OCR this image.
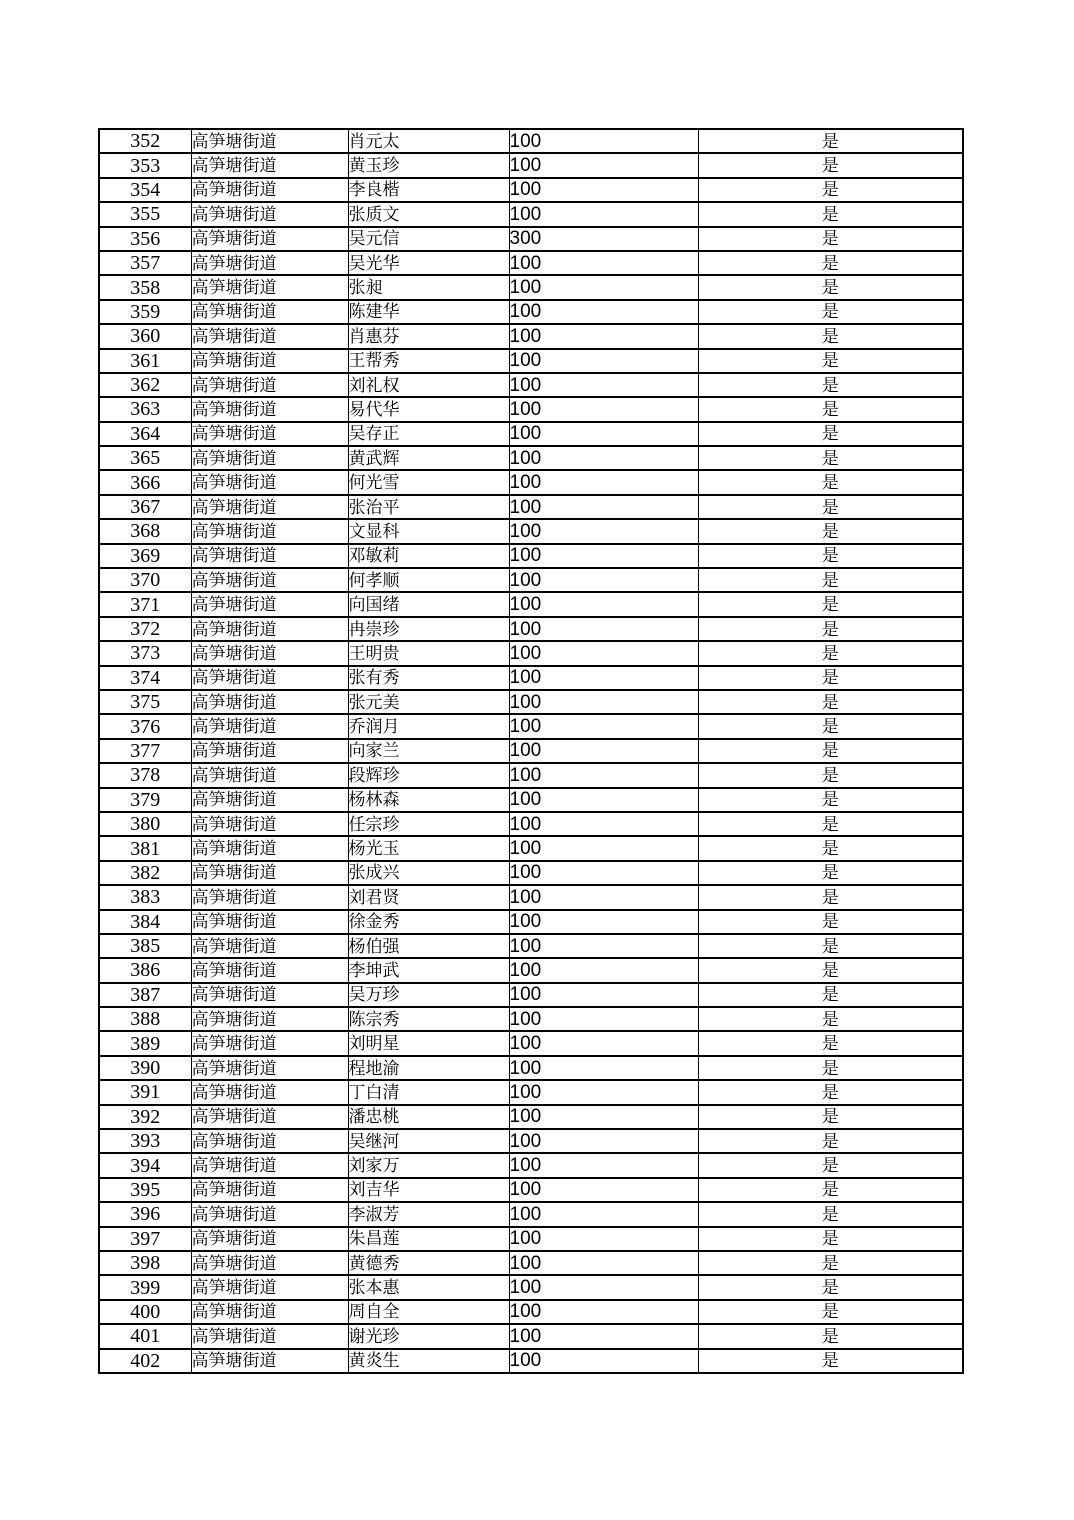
352	高笋塘街道	肖元太	100	是
353	高笋塘街道	黄玉珍	100	是
354	高笋塘街道	李良楷	100	是
355	高笋塘街道	张质文	100	是
356	高笋塘街道	吴元信	300	是
357	高笋塘街道	吴光华	100	是
358	高笋塘街道	张昶	100	是
359	高笋塘街道	陈建华	100	是
360	高笋塘街道	肖惠芬	100	是
361	高笋塘街道	王帮秀	100	是
362	高笋塘街道	刘礼权	100	是
363	高笋塘街道	易代华	100	是
364	高笋塘街道	吴存正	100	是
365	高笋塘街道	黄武辉	100	是
366	高笋塘街道	何光雪	100	是
367	高笋塘街道	张治平	100	是
368	高笋塘街道	文显科	100	是
369	高笋塘街道	邓敏莉	100	是
370	高笋塘街道	何孝顺	100	是
371	高笋塘街道	向国绪	100	是
372	高笋塘街道	冉崇珍	100	是
373	高笋塘街道	王明贵	100	是
374	高笋塘街道	张有秀	100	是
375	高笋塘街道	张元美	100	是
376	高笋塘街道	乔润月	100	是
377	高笋塘街道	向家兰	100	是
378	高笋塘街道	段辉珍	100	是
379	高笋塘街道	杨林森	100	是
380	高笋塘街道	任宗珍	100	是
381	高笋塘街道	杨光玉	100	是
382	高笋塘街道	张成兴	100	是
383	高笋塘街道	刘君贤	100	是
384	高笋塘街道	徐金秀	100	是
385	高笋塘街道	杨伯强	100	是
386	高笋塘街道	李坤武	100	是
387	高笋塘街道	吴万珍	100	是
388	高笋塘街道	陈宗秀	100	是
389	高笋塘街道	刘明星	100	是
390	高笋塘街道	程地渝	100	是
391	高笋塘街道	丁白清	100	是
392	高笋塘街道	潘忠桃	100	是
393	高笋塘街道	吴继河	100	是
394	高笋塘街道	刘家万	100	是
395	高笋塘街道	刘吉华	100	是
396	高笋塘街道	李淑芳	100	是
397	高笋塘街道	朱昌莲	100	是
398	高笋塘街道	黄德秀	100	是
399	高笋塘街道	张本惠	100	是
400	高笋塘街道	周自全	100	是
401	高笋塘街道	谢光珍	100	是
402	高笋塘街道	黄炎生	100	是
